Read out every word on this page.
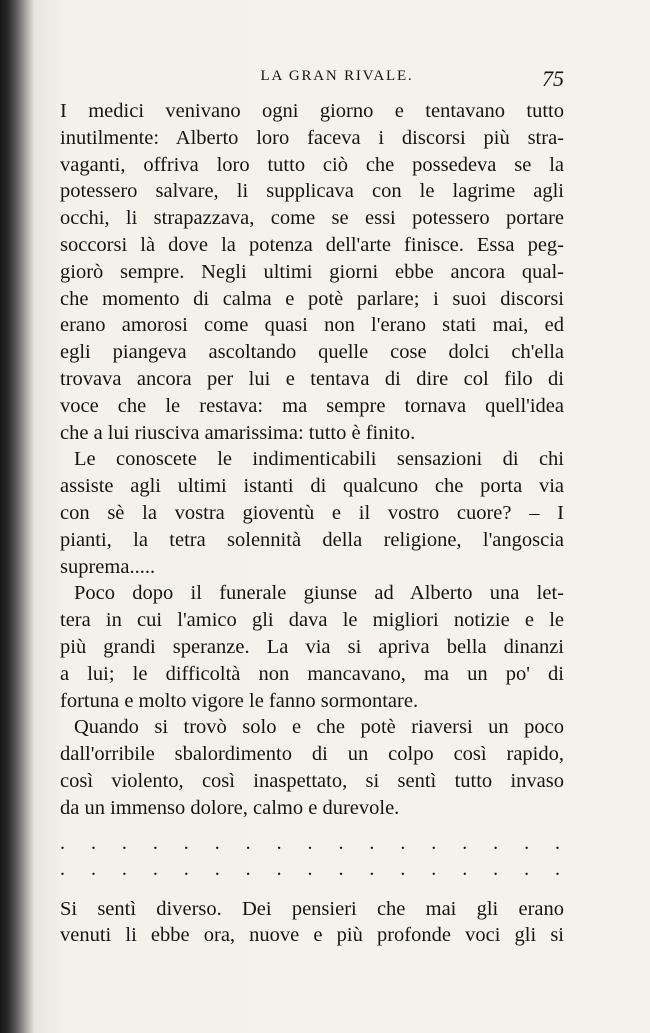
LA GRAN RIVALE.	75
I medici venivano ogni giorno e tentavano tutto
inutilmente: Alberto loro faceva i discorsi più stra-
vaganti, offriva loro tutto ciò che possedeva se la
potessero salvare, li supplicava con le lagrime agli
occhi, li strapazzava, come se essi potessero portare
soccorsi là dove la potenza dell'arte finisce. Essa peg-
giorò sempre. Negli ultimi giorni ebbe ancora qual-
che momento di calma e potè parlare; i suoi discorsi
erano amorosi come quasi non l'erano stati mai, ed
egli piangeva ascoltando quelle cose dolci ch'ella
trovava ancora per lui e tentava di dire col filo di
voce che le restava: ma sempre tornava quell'idea
che a lui riusciva amarissima: tutto è finito.
Le conoscete le indimenticabili sensazioni di chi
assiste agli ultimi istanti di qualcuno che porta via
con sè la vostra gioventù e il vostro cuore? – I
pianti, la tetra solennità della religione, l'angoscia
suprema.....
Poco dopo il funerale giunse ad Alberto una let-
tera in cui l'amico gli dava le migliori notizie e le
più grandi speranze. La via si apriva bella dinanzi
a lui; le difficoltà non mancavano, ma un po' di
fortuna e molto vigore le fanno sormontare.
Quando si trovò solo e che potè riaversi un poco
dall'orribile sbalordimento di un colpo così rapido,
così violento, così inaspettato, si sentì tutto invaso
da un immenso dolore, calmo e durevole.
. . . . . . . . . . . . . . . . .
. . . . . . . . . . . . . . . . .
Si sentì diverso. Dei pensieri che mai gli erano
venuti li ebbe ora, nuove e più profonde voci gli si
